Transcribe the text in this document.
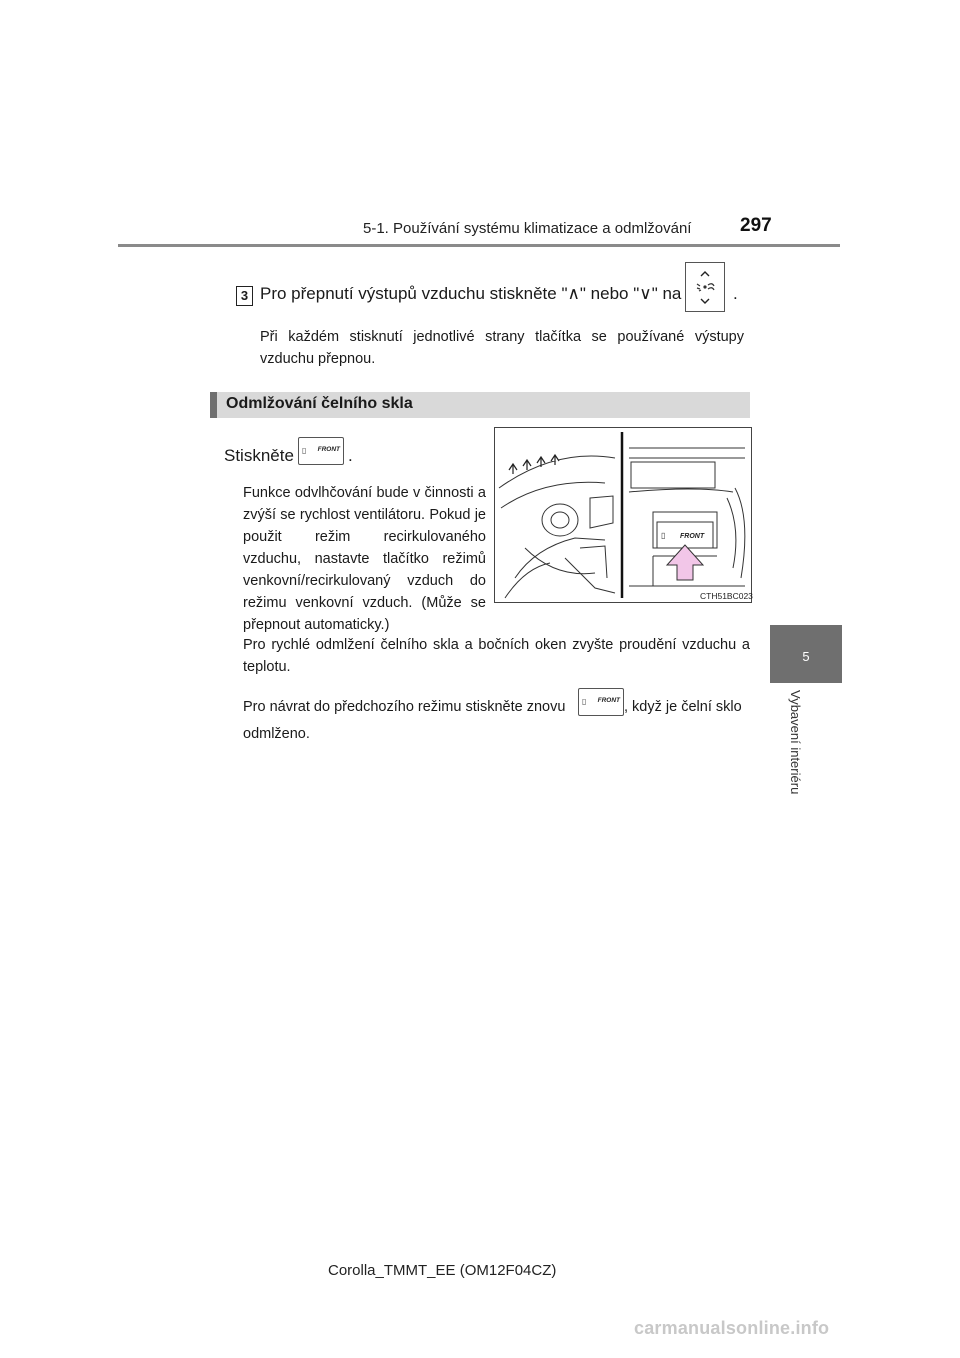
5-1. Používání systému klimatizace a odmlžování	297
5
Vybavení interiéru
3 Pro přepnutí výstupů vzduchu stiskněte "∧" nebo "∨" na	.
Při každém stisknutí jednotlivé strany tlačítka se používané výstupy vzduchu přepnou.
Odmlžování čelního skla
Stiskněte ▯ FRONT .
Funkce odvlhčování bude v činnosti a zvýší se rychlost ventilátoru. Pokud je použit režim recirkulovaného vzduchu, nastavte tlačítko režimů venkovní/recirkulovaný vzduch do režimu venkovní vzduch. (Může se přepnout automaticky.)
▯ FRONT
CTH51BC023
Pro rychlé odmlžení čelního skla a bočních oken zvyšte proudění vzduchu a teplotu.
Pro návrat do předchozího režimu stiskněte znovu ▯ FRONT , když je čelní sklo
odmlženo.
Corolla_TMMT_EE (OM12F04CZ)
carmanualsonline.info
